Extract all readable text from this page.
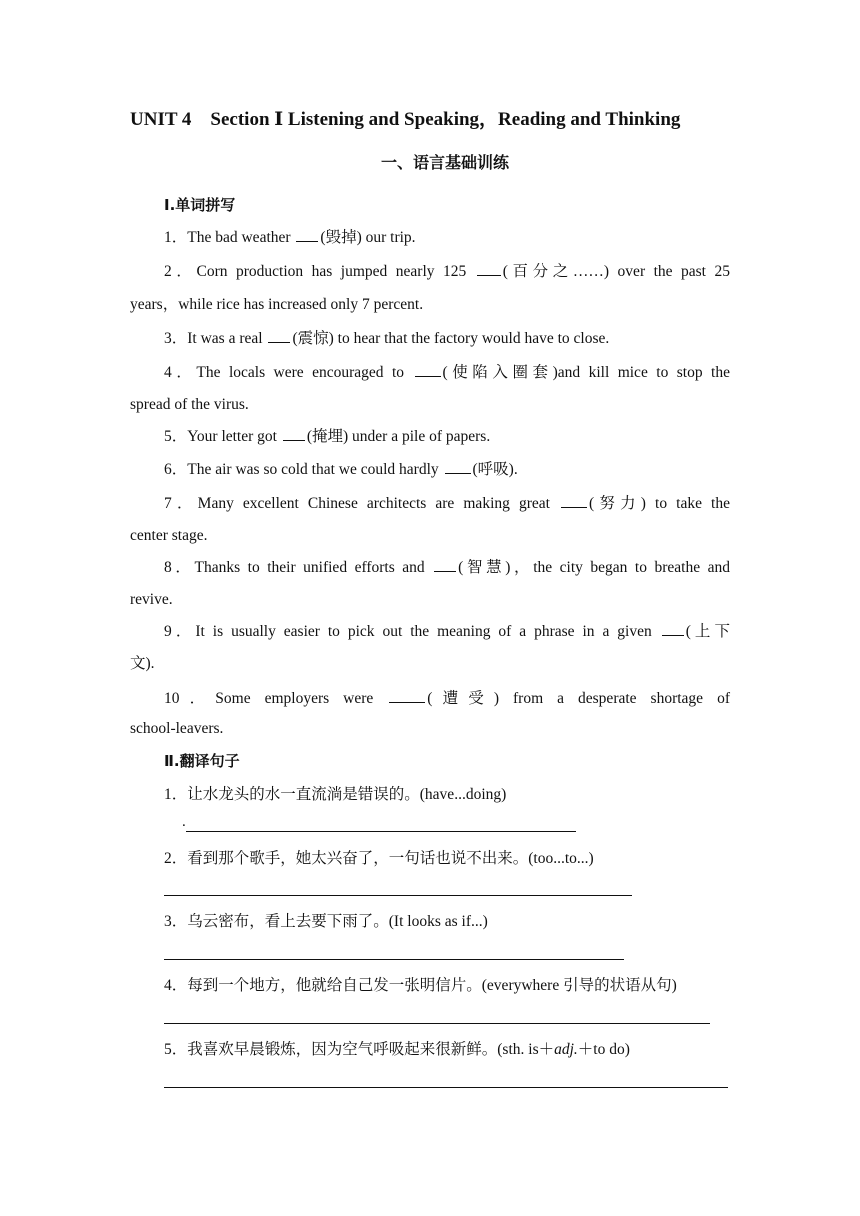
UNIT 4　Section Ⅰ Listening and Speaking，Reading and Thinking
一、语言基础训练
Ⅰ.单词拼写
1．The bad weather (毁掉) our trip.
2．Corn production has jumped nearly 125 (百分之……) over the past 25
years，while rice has increased only 7 percent.
3．It was a real (震惊) to hear that the factory would have to close.
4．The locals were encouraged to (使陷入圈套)and kill mice to stop the
spread of the virus.
5．Your letter got (掩埋) under a pile of papers.
6．The air was so cold that we could hardly (呼吸).
7．Many excellent Chinese architects are making great (努力) to take the
center stage.
8．Thanks to their unified efforts and (智慧)，the city began to breathe and
revive.
9．It is usually easier to pick out the meaning of a phrase in a given (上下
文).
10．Some employers were	(遭受) from a desperate shortage of
school-leavers.
Ⅱ.翻译句子
1．让水龙头的水一直流淌是错误的。(have...doing)
.
2．看到那个歌手，她太兴奋了，一句话也说不出来。(too...to...)
3．乌云密布，看上去要下雨了。(It looks as if...)
4．每到一个地方，他就给自己发一张明信片。(everywhere 引导的状语从句)
5．我喜欢早晨锻炼，因为空气呼吸起来很新鲜。(sth. is＋adj.＋to do)
